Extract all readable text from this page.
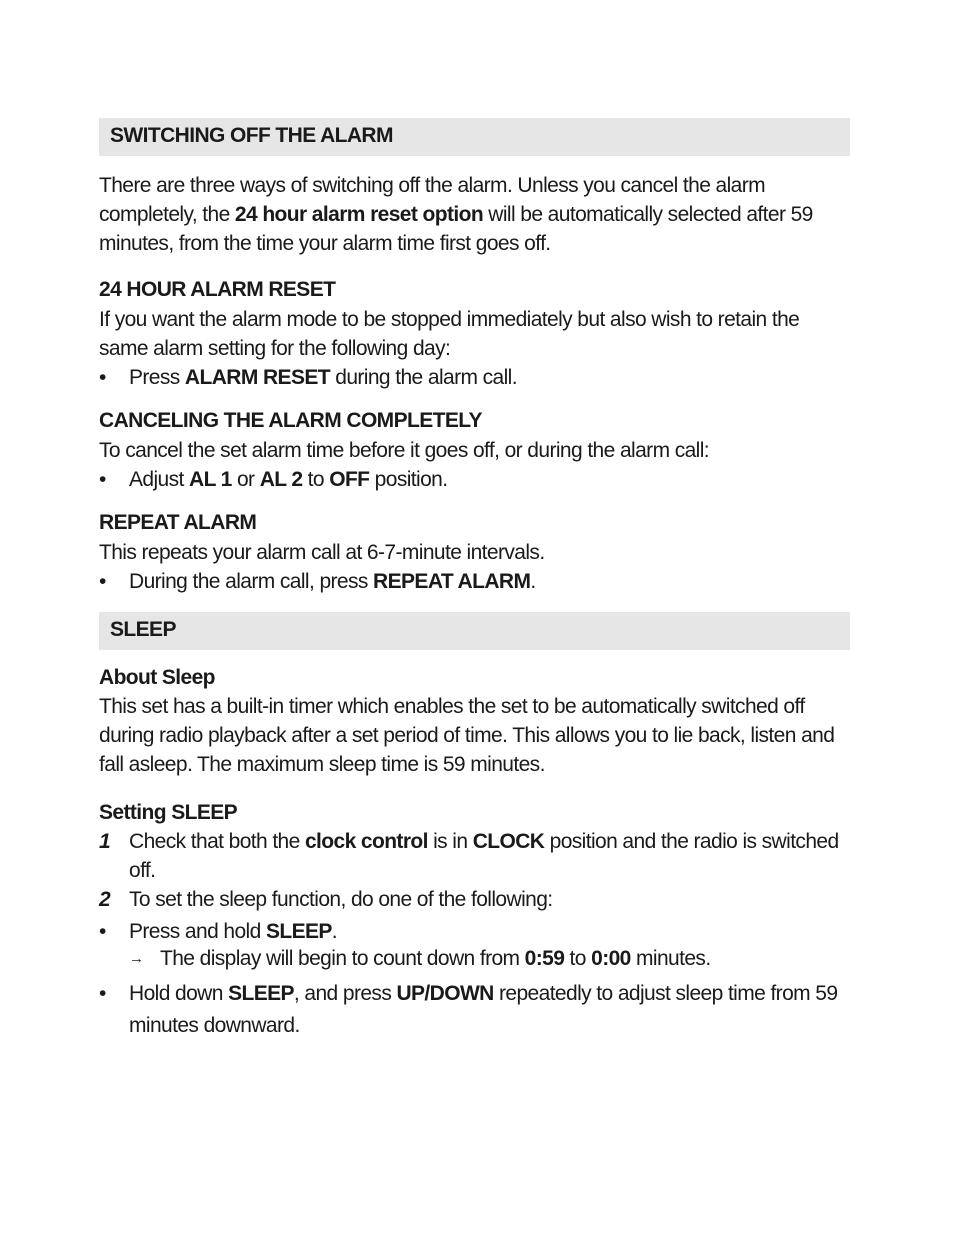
SWITCHING OFF THE ALARM

There are three ways of switching off the alarm. Unless you cancel the alarm completely, the 24 hour alarm reset option will be automatically selected after 59 minutes, from the time your alarm time first goes off.

24 HOUR ALARM RESET

If you want the alarm mode to be stopped immediately but also wish to retain the same alarm setting for the following day:

•	Press ALARM RESET during the alarm call.
CANCELING THE ALARM COMPLETELY

To cancel the set alarm time before it goes off, or during the alarm call:

•	Adjust AL 1 or AL 2 to OFF position.
REPEAT ALARM

This repeats your alarm call at 6-7-minute intervals.

•	During the alarm call, press REPEAT ALARM.
SLEEP
About Sleep

This set has a built-in timer which enables the set to be automatically switched off during radio playback after a set period of time. This allows you to lie back, listen and fall asleep. The maximum sleep time is 59 minutes.

Setting SLEEP
1 Check that both the clock control is in CLOCK position and the radio is switched off.
2 To set the sleep function, do one of the following:
•	Press and hold SLEEP.
→ The display will begin to count down from 0:59 to 0:00 minutes.
•	Hold down SLEEP, and press UP/DOWN repeatedly to adjust sleep time from 59 minutes downward.
